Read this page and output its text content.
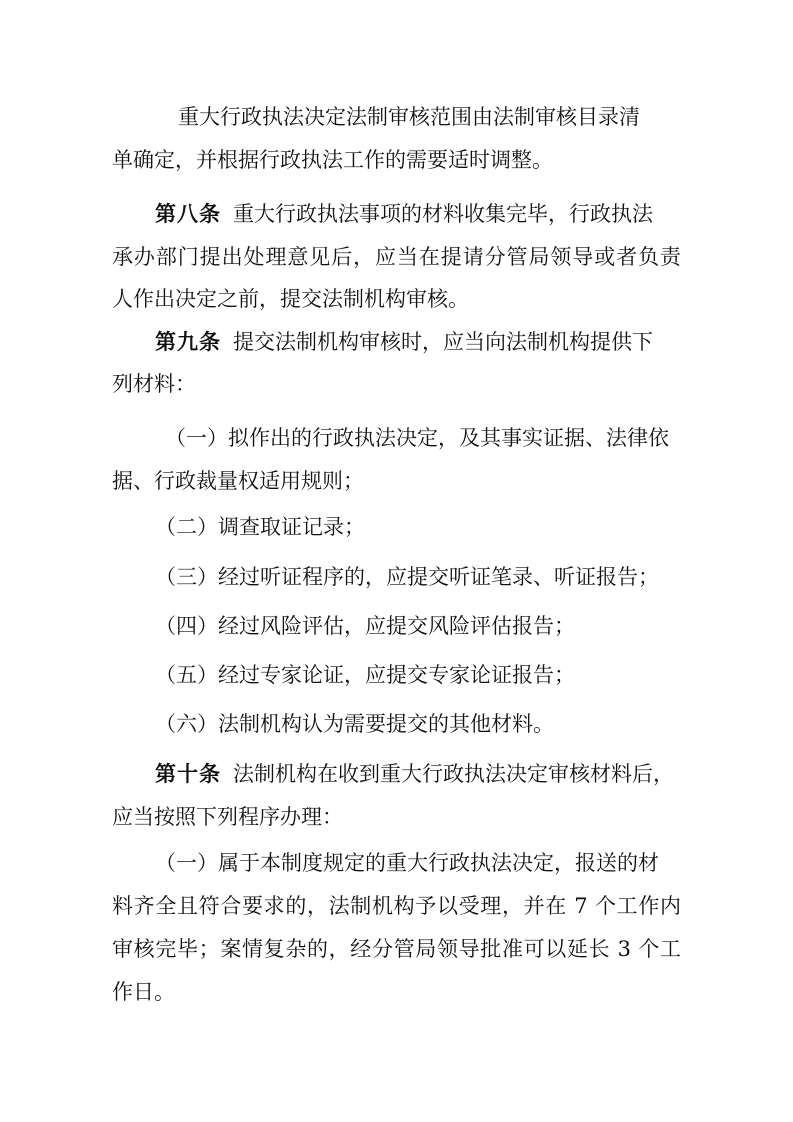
重大行政执法决定法制审核范围由法制审核目录清
单确定，并根据行政执法工作的需要适时调整。
第八条 重大行政执法事项的材料收集完毕，行政执法
承办部门提出处理意见后，应当在提请分管局领导或者负责
人作出决定之前，提交法制机构审核。
第九条 提交法制机构审核时，应当向法制机构提供下
列材料：
（一）拟作出的行政执法决定，及其事实证据、法律依
据、行政裁量权适用规则；
（二）调查取证记录；
（三）经过听证程序的，应提交听证笔录、听证报告；
（四）经过风险评估，应提交风险评估报告；
（五）经过专家论证，应提交专家论证报告；
（六）法制机构认为需要提交的其他材料。
第十条 法制机构在收到重大行政执法决定审核材料后，
应当按照下列程序办理：
（一）属于本制度规定的重大行政执法决定，报送的材
料齐全且符合要求的，法制机构予以受理，并在 7 个工作内
审核完毕；案情复杂的，经分管局领导批准可以延长 3 个工
作日。
